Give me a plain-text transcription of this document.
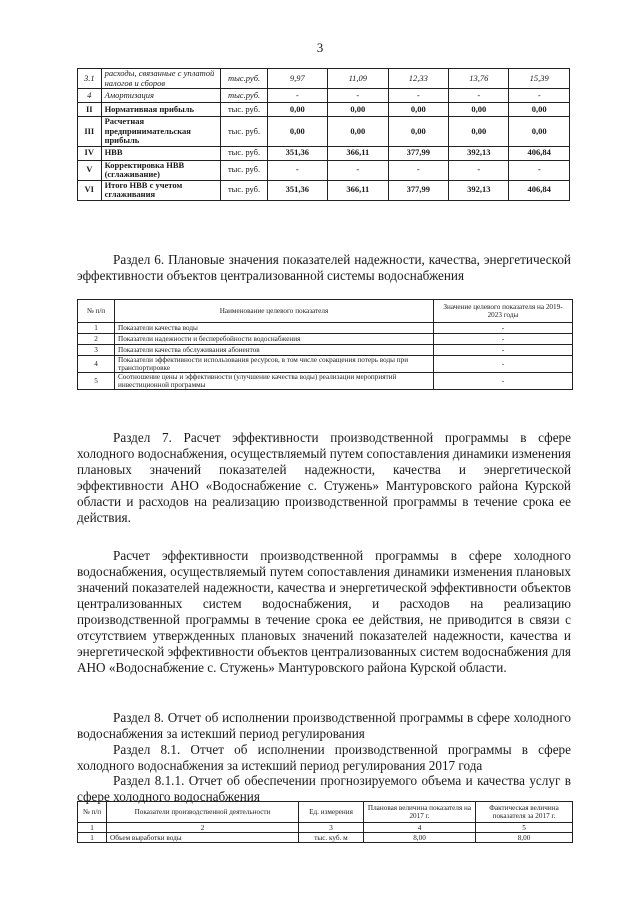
3
3.1	расходы, связанные с уплатой налогов и сборов	тыс.руб.	9,97	11,09	12,33	13,76	15,39
4	Амортизация	тыс.руб.	-	-	-	-	-
II	Нормативная прибыль	тыс. руб.	0,00	0,00	0,00	0,00	0,00
III	Расчетная предпринимательская прибыль	тыс. руб.	0,00	0,00	0,00	0,00	0,00
IV	НВВ	тыс. руб.	351,36	366,11	377,99	392,13	406,84
V	Корректировка НВВ (сглаживание)	тыс. руб.	-	-	-	-	-
VI	Итого НВВ с учетом сглаживания	тыс. руб.	351,36	366,11	377,99	392,13	406,84
Раздел 6. Плановые значения показателей надежности, качества, энергетической эффективности объектов централизованной системы водоснабжения
№ п/п	Наименование целевого показателя	Значение целевого показателя на 2019-2023 годы
1	Показатели качества воды	-
2	Показатели надежности и бесперебойности водоснабжения	-
3	Показатели качества обслуживания абонентов	-
4	Показатели эффективности использования ресурсов, в том числе сокращения потерь воды при транспортировке	-
5	Соотношение цены и эффективности (улучшение качества воды) реализации мероприятий инвестиционной программы	-
Раздел 7. Расчет эффективности производственной программы в сфере холодного водоснабжения, осуществляемый путем сопоставления динамики изменения плановых значений показателей надежности, качества и энергетической эффективности АНО «Водоснабжение с. Стужень» Мантуровского района Курской области и расходов на реализацию производственной программы в течение срока ее действия.
Расчет эффективности производственной программы в сфере холодного водоснабжения, осуществляемый путем сопоставления динамики изменения плановых значений показателей надежности, качества и энергетической эффективности объектов централизованных систем водоснабжения, и расходов на реализацию производственной программы в течение срока ее действия, не приводится в связи с отсутствием утвержденных плановых значений показателей надежности, качества и энергетической эффективности объектов централизованных систем водоснабжения для АНО «Водоснабжение с. Стужень» Мантуровского района Курской области.
Раздел 8. Отчет об исполнении производственной программы в сфере холодного водоснабжения за истекший период регулирования
Раздел 8.1. Отчет об исполнении производственной программы в сфере холодного водоснабжения за истекший период регулирования 2017 года
Раздел 8.1.1. Отчет об обеспечении прогнозируемого объема и качества услуг в сфере холодного водоснабжения
№ п/п	Показатели производственной деятельности	Ед. измерения	Плановая величина показателя на 2017 г.	Фактическая величина показателя за 2017 г.
1	2	3	4	5
1	Объем выработки воды	тыс. куб. м	8,00	8,00
